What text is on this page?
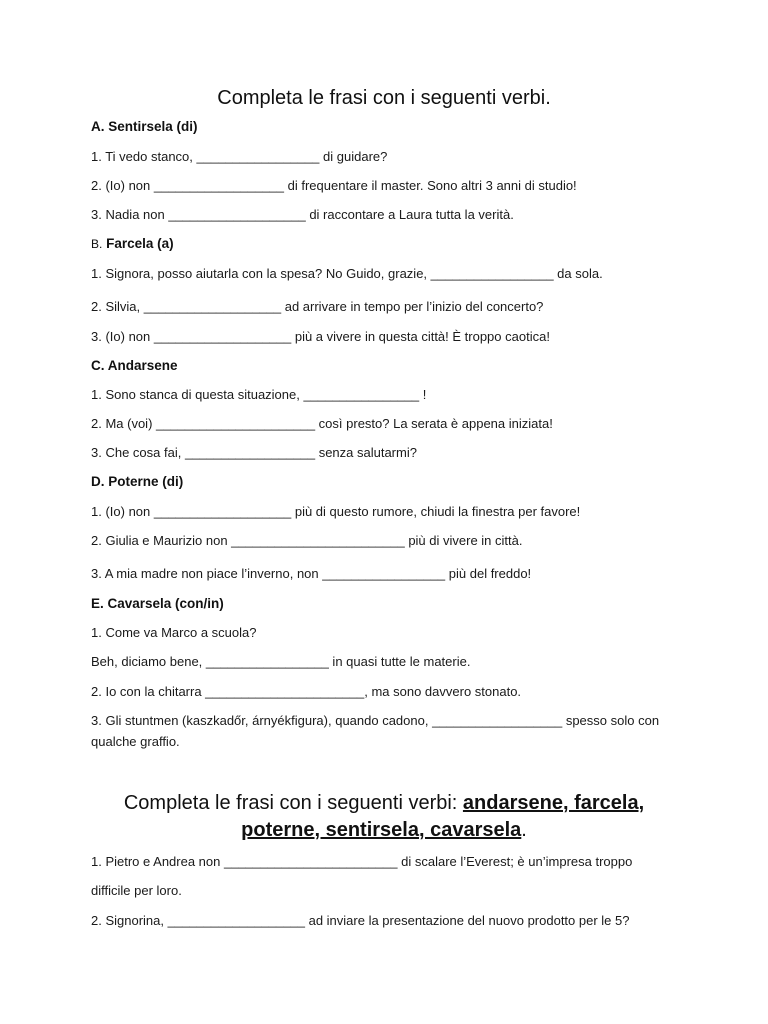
Completa le frasi con i seguenti verbi.
A. Sentirsela (di)
1. Ti vedo stanco, _________________ di guidare?
2. (Io) non __________________ di frequentare il master. Sono altri 3 anni di studio!
3. Nadia non ___________________ di raccontare a Laura tutta la verità.
B. Farcela (a)
1. Signora, posso aiutarla con la spesa? No Guido, grazie, _________________ da sola.
2. Silvia, ___________________ ad arrivare in tempo per l’inizio del concerto?
3. (Io) non ___________________ più a vivere in questa città! È troppo caotica!
C. Andarsene
1. Sono stanca di questa situazione, ________________ !
2. Ma (voi) ______________________ così presto? La serata è appena iniziata!
3. Che cosa fai, __________________ senza salutarmi?
D. Poterne (di)
1. (Io) non ___________________ più di questo rumore, chiudi la finestra per favore!
2. Giulia e Maurizio non ________________________ più di vivere in città.
3. A mia madre non piace l’inverno, non _________________ più del freddo!
E. Cavarsela (con/in)
1. Come va Marco a scuola?
Beh, diciamo bene, _________________ in quasi tutte le materie.
2. Io con la chitarra ______________________, ma sono davvero stonato.
3. Gli stuntmen (kaszkadőr, árnyékfigura), quando cadono, __________________ spesso solo con qualche graffio.
Completa le frasi con i seguenti verbi: andarsene, farcela,
poterne, sentirsela, cavarsela.
1. Pietro e Andrea non ________________________ di scalare l’Everest; è un’impresa troppo
difficile per loro.
2. Signorina, ___________________ ad inviare la presentazione del nuovo prodotto per le 5?
